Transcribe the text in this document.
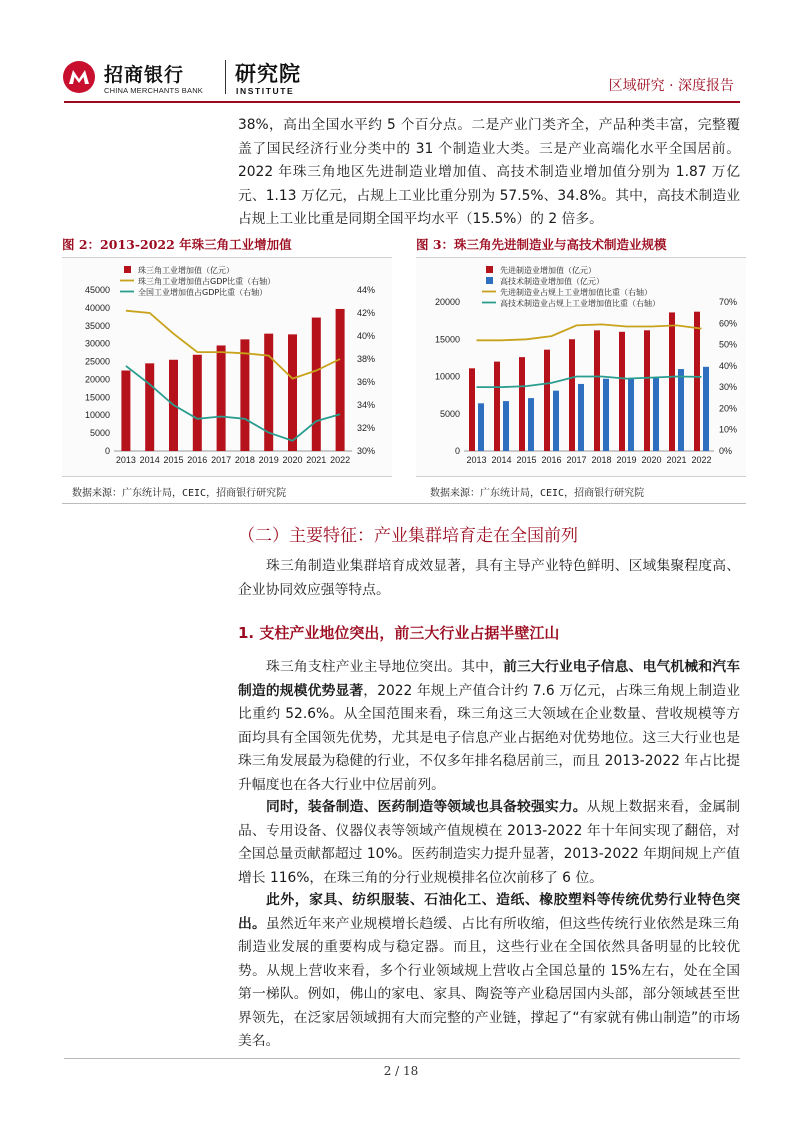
招商银行
CHINA MERCHANTS BANK
研究院
INSTITUTE	区域研究 · 深度报告

38%，高出全国水平约 5 个百分点。二是产业门类齐全，产品种类丰富，完整覆盖了国民经济行业分类中的 31 个制造业大类。三是产业高端化水平全国居前。2022 年珠三角地区先进制造业增加值、高技术制造业增加值分别为 1.87 万亿元、1.13 万亿元，占规上工业比重分别为 57.5%、34.8%。其中，高技术制造业占规上工业比重是同期全国平均水平（15.5%）的 2 倍多。

图 2：2013-2022 年珠三角工业增加值	图 3：珠三角先进制造业与高技术制造业规模
0
5000
10000
15000
20000
25000
30000
35000
40000
45000
30%
32%
34%
36%
38%
40%
42%
44%
2013 2014 2015 2016 2017 2018 2019 2020 2021 2022
珠三角工业增加值（亿元）
珠三角工业增加值占GDP比重（右轴）
全国工业增加值占GDP比重（右轴）
0
5000
10000
15000
20000
0%
10%
20%
30%
40%
50%
60%
70%
2013 2014 2015 2016 2017 2018 2019 2020 2021 2022
先进制造业增加值（亿元）
高技术制造业增加值（亿元）
先进制造业占规上工业增加值比重（右轴）
高技术制造业占规上工业增加值比重（右轴）
数据来源：广东统计局，CEIC，招商银行研究院	数据来源：广东统计局，CEIC，招商银行研究院
（二）主要特征：产业集群培育走在全国前列

珠三角制造业集群培育成效显著，具有主导产业特色鲜明、区域集聚程度高、企业协同效应强等特点。

1. 支柱产业地位突出，前三大行业占据半壁江山

珠三角支柱产业主导地位突出。其中，前三大行业电子信息、电气机械和汽车制造的规模优势显著，2022 年规上产值合计约 7.6 万亿元，占珠三角规上制造业比重约 52.6%。从全国范围来看，珠三角这三大领域在企业数量、营收规模等方面均具有全国领先优势，尤其是电子信息产业占据绝对优势地位。这三大行业也是珠三角发展最为稳健的行业，不仅多年排名稳居前三，而且 2013-2022 年占比提升幅度也在各大行业中位居前列。

同时，装备制造、医药制造等领域也具备较强实力。从规上数据来看，金属制品、专用设备、仪器仪表等领域产值规模在 2013-2022 年十年间实现了翻倍，对全国总量贡献都超过 10%。医药制造实力提升显著，2013-2022 年期间规上产值增长 116%，在珠三角的分行业规模排名位次前移了 6 位。

此外，家具、纺织服装、石油化工、造纸、橡胶塑料等传统优势行业特色突出。虽然近年来产业规模增长趋缓、占比有所收缩，但这些传统行业依然是珠三角制造业发展的重要构成与稳定器。而且，这些行业在全国依然具备明显的比较优势。从规上营收来看，多个行业领域规上营收占全国总量的 15%左右，处在全国第一梯队。例如，佛山的家电、家具、陶瓷等产业稳居国内头部，部分领域甚至世界领先，在泛家居领域拥有大而完整的产业链，撑起了“有家就有佛山制造”的市场美名。

2 / 18
